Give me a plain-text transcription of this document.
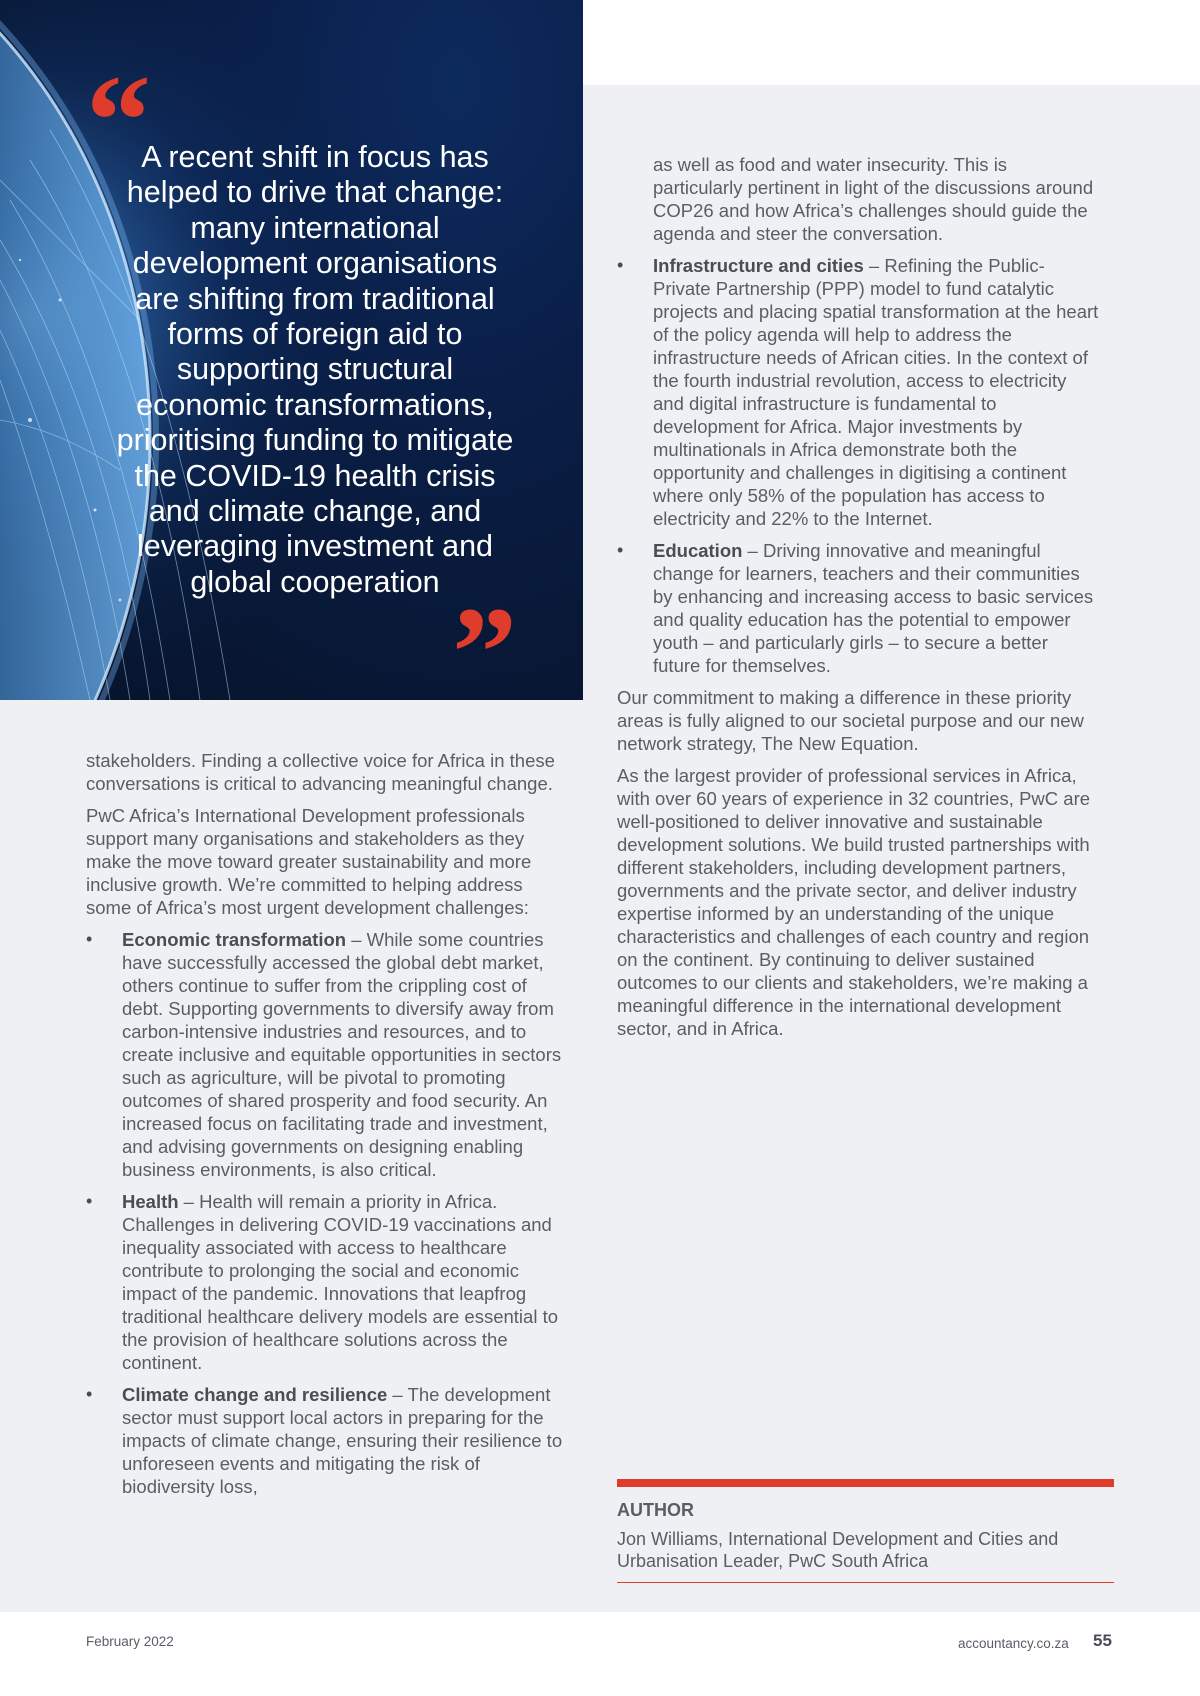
“
A recent shift in focus has helped to drive that change: many international development organisations are shifting from traditional forms of foreign aid to supporting structural economic transformations, prioritising funding to mitigate the COVID-19 health crisis and climate change, and leveraging investment and global cooperation ”

stakeholders. Finding a collective voice for Africa in these conversations is critical to advancing meaningful change.

PwC Africa’s International Development professionals support many organisations and stakeholders as they make the move toward greater sustainability and more inclusive growth. We’re committed to helping address some of Africa’s most urgent development challenges:

• Economic transformation – While some countries have successfully accessed the global debt market, others continue to suffer from the crippling cost of debt. Supporting governments to diversify away from carbon-intensive industries and resources, and to create inclusive and equitable opportunities in sectors such as agriculture, will be pivotal to promoting outcomes of shared prosperity and food security. An increased focus on facilitating trade and investment, and advising governments on designing enabling business environments, is also critical.
• Health – Health will remain a priority in Africa. Challenges in delivering COVID-19 vaccinations and inequality associated with access to healthcare contribute to prolonging the social and economic impact of the pandemic. Innovations that leapfrog traditional healthcare delivery models are essential to the provision of healthcare solutions across the continent.
• Climate change and resilience – The development sector must support local actors in preparing for the impacts of climate change, ensuring their resilience to unforeseen events and mitigating the risk of biodiversity loss,
as well as food and water insecurity. This is particularly pertinent in light of the discussions around COP26 and how Africa’s challenges should guide the agenda and steer the conversation.
• Infrastructure and cities – Refining the Public-Private Partnership (PPP) model to fund catalytic projects and placing spatial transformation at the heart of the policy agenda will help to address the infrastructure needs of African cities. In the context of the fourth industrial revolution, access to electricity and digital infrastructure is fundamental to development for Africa. Major investments by multinationals in Africa demonstrate both the opportunity and challenges in digitising a continent where only 58% of the population has access to electricity and 22% to the Internet.
• Education – Driving innovative and meaningful change for learners, teachers and their communities by enhancing and increasing access to basic services and quality education has the potential to empower youth – and particularly girls – to secure a better future for themselves.

Our commitment to making a difference in these priority areas is fully aligned to our societal purpose and our new network strategy, The New Equation.

As the largest provider of professional services in Africa, with over 60 years of experience in 32 countries, PwC are well-positioned to deliver innovative and sustainable development solutions. We build trusted partnerships with different stakeholders, including development partners, governments and the private sector, and deliver industry expertise informed by an understanding of the unique characteristics and challenges of each country and region on the continent. By continuing to deliver sustained outcomes to our clients and stakeholders, we’re making a meaningful difference in the international development sector, and in Africa.

AUTHOR
Jon Williams, International Development and Cities and Urbanisation Leader, PwC South Africa
February 2022	accountancy.co.za 55
